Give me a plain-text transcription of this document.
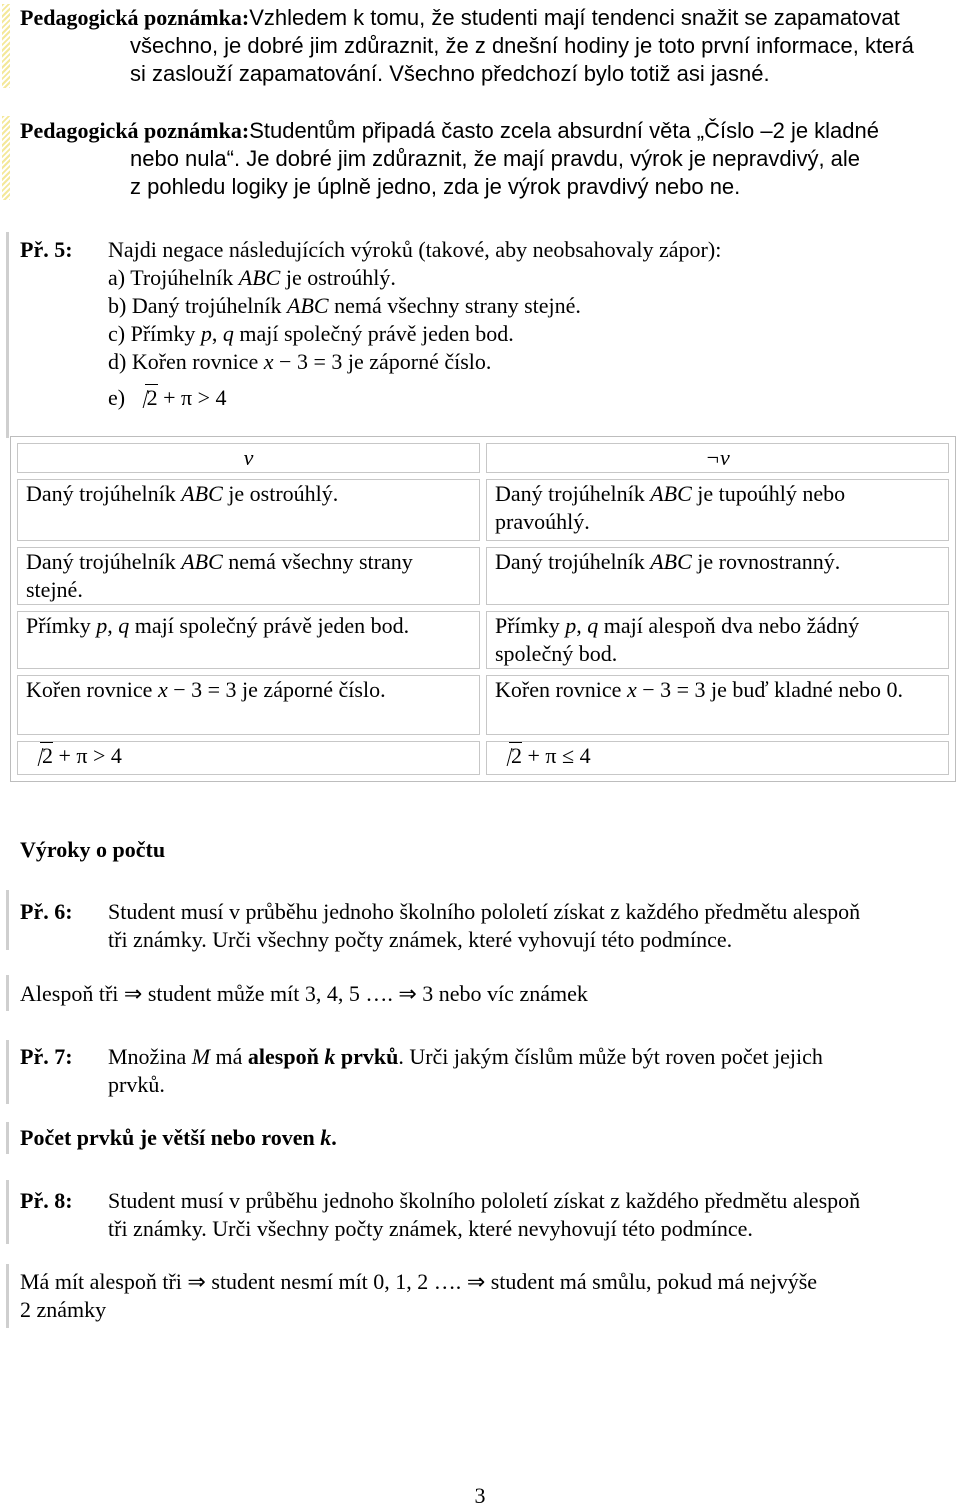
Pedagogická poznámka:Vzhledem k tomu, že studenti mají tendenci snažit se zapamatovat
všechno, je dobré jim zdůraznit, že z dnešní hodiny je toto první informace, která
si zaslouží zapamatování. Všechno předchozí bylo totiž asi jasné.
Pedagogická poznámka:Studentům připadá často zcela absurdní věta „Číslo –2 je kladné
nebo nula“. Je dobré jim zdůraznit, že mají pravdu, výrok je nepravdivý, ale
z pohledu logiky je úplně jedno, zda je výrok pravdivý nebo ne.
Př. 5: Najdi negace následujících výroků (takové, aby neobsahovaly zápor):
a) Trojúhelník ABC je ostroúhlý.
b) Daný trojúhelník ABC nemá všechny strany stejné.
c) Přímky p, q mají společný právě jeden bod.
d) Kořen rovnice x − 3 = 3 je záporné číslo.
e) 2 + π > 4
v	¬v
Daný trojúhelník ABC je ostroúhlý.	Daný trojúhelník ABC je tupoúhlý nebo pravoúhlý.
Daný trojúhelník ABC nemá všechny strany stejné.	Daný trojúhelník ABC je rovnostranný.
Přímky p, q mají společný právě jeden bod.	Přímky p, q mají alespoň dva nebo žádný společný bod.
Kořen rovnice x − 3 = 3 je záporné číslo.	Kořen rovnice x − 3 = 3 je buď kladné nebo 0.
2 + π > 4	2 + π ≤ 4
Výroky o počtu
Př. 6: Student musí v průběhu jednoho školního pololetí získat z každého předmětu alespoň
tři známky. Urči všechny počty známek, které vyhovují této podmínce.
Alespoň tři ⇒ student může mít 3, 4, 5 …. ⇒ 3 nebo víc známek
Př. 7: Množina M má alespoň k prvků. Urči jakým číslům může být roven počet jejich
prvků.
Počet prvků je větší nebo roven k.
Př. 8: Student musí v průběhu jednoho školního pololetí získat z každého předmětu alespoň
tři známky. Urči všechny počty známek, které nevyhovují této podmínce.
Má mít alespoň tři ⇒ student nesmí mít 0, 1, 2 …. ⇒ student má smůlu, pokud má nejvýše
2 známky
3
